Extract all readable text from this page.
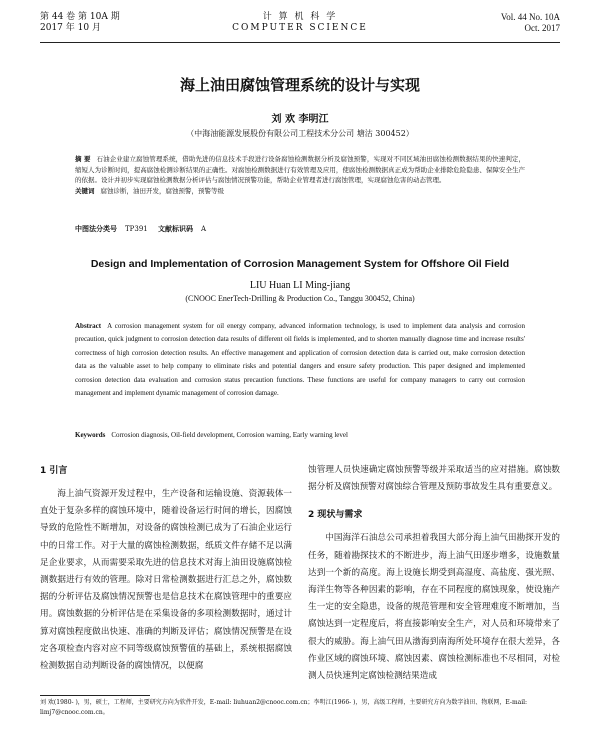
第 44 卷 第 10A 期
2017 年 10 月
计 算 机 科 学
COMPUTER SCIENCE
Vol. 44 No. 10A
Oct. 2017
海上油田腐蚀管理系统的设计与实现
刘 欢 李明江
（中海油能源发展股份有限公司工程技术分公司 塘沽 300452）
摘 要 石油企业建立腐蚀管理系统，借助先进的信息技术手段进行设备腐蚀检测数据分析及腐蚀预警，实现对不同区域油田腐蚀检测数据结果的快速判定，缩短人为诊断时间，提高腐蚀检测诊断结果的正确性。对腐蚀检测数据进行有效管理及应用，使腐蚀检测数据真正成为帮助企业排除危险隐患、保障安全生产的依据。设计并初步实现腐蚀检测数据分析评估与腐蚀情况预警功能，帮助企业管理者进行腐蚀管理，实现腐蚀危害的动态管理。
关键词 腐蚀诊断，油田开发，腐蚀预警，预警等级
中图法分类号 TP391 文献标识码 A
Design and Implementation of Corrosion Management System for Offshore Oil Field
LIU Huan LI Ming-jiang
(CNOOC EnerTech-Drilling & Production Co., Tanggu 300452, China)
Abstract A corrosion management system for oil energy company, advanced information technology, is used to implement data analysis and corrosion precaution, quick judgment to corrosion detection data results of different oil fields is implemented, and to shorten manually diagnose time and increase results' correctness of high corrosion detection results. An effective management and application of corrosion detection data is carried out, make corrosion detection data as the valuable asset to help company to eliminate risks and potential dangers and ensure safety production. This paper designed and implemented corrosion detection data evaluation and corrosion status precaution functions. These functions are useful for company managers to carry out corrosion management and implement dynamic management of corrosion damage.
Keywords Corrosion diagnosis, Oil-field development, Corrosion warning, Early warning level
1 引言

海上油气资源开发过程中，生产设备和运输设施、资源载体一直处于复杂多样的腐蚀环境中，随着设备运行时间的增长，因腐蚀导致的危险性不断增加，对设备的腐蚀检测已成为了石油企业运行中的日常工作。对于大量的腐蚀检测数据，纸质文件存储不足以满足企业要求，从而需要采取先进的信息技术对海上油田设施腐蚀检测数据进行有效的管理。除对日常检测数据进行汇总之外，腐蚀数据的分析评估及腐蚀情况预警也是信息技术在腐蚀管理中的重要应用。腐蚀数据的分析评估是在采集设备的多项检测数据时，通过计算对腐蚀程度做出快速、准确的判断及评估；腐蚀情况预警是在设定各项检查内容对应不同等级腐蚀预警值的基础上，系统根据腐蚀检测数据自动判断设备的腐蚀情况，以便腐

蚀管理人员快速确定腐蚀预警等级并采取适当的应对措施。腐蚀数据分析及腐蚀预警对腐蚀综合管理及预防事故发生具有重要意义。

2 现状与需求

中国海洋石油总公司承担着我国大部分海上油气田勘探开发的任务，随着勘探技术的不断进步，海上油气田逐步增多，设施数量达到一个新的高度。海上设施长期受到高湿度、高盐度、强光照、海洋生物等各种因素的影响，存在不同程度的腐蚀现象，使设施产生一定的安全隐患，设备的规范管理和安全管理难度不断增加，当腐蚀达到一定程度后，将直接影响安全生产，对人员和环境带来了很大的威胁。海上油气田从渤海到南海所处环境存在很大差异，各作业区域的腐蚀环境、腐蚀因素、腐蚀检测标准也不尽相同，对检测人员快速判定腐蚀检测结果造成

刘 欢(1980- )，男，硕士，工程师，主要研究方向为软件开发，E-mail: liuhuan2@cnooc.com.cn；李明江(1966- )，男，高级工程师，主要研究方向为数字油田、物联网，E-mail: limj7@cnooc.com.cn。
